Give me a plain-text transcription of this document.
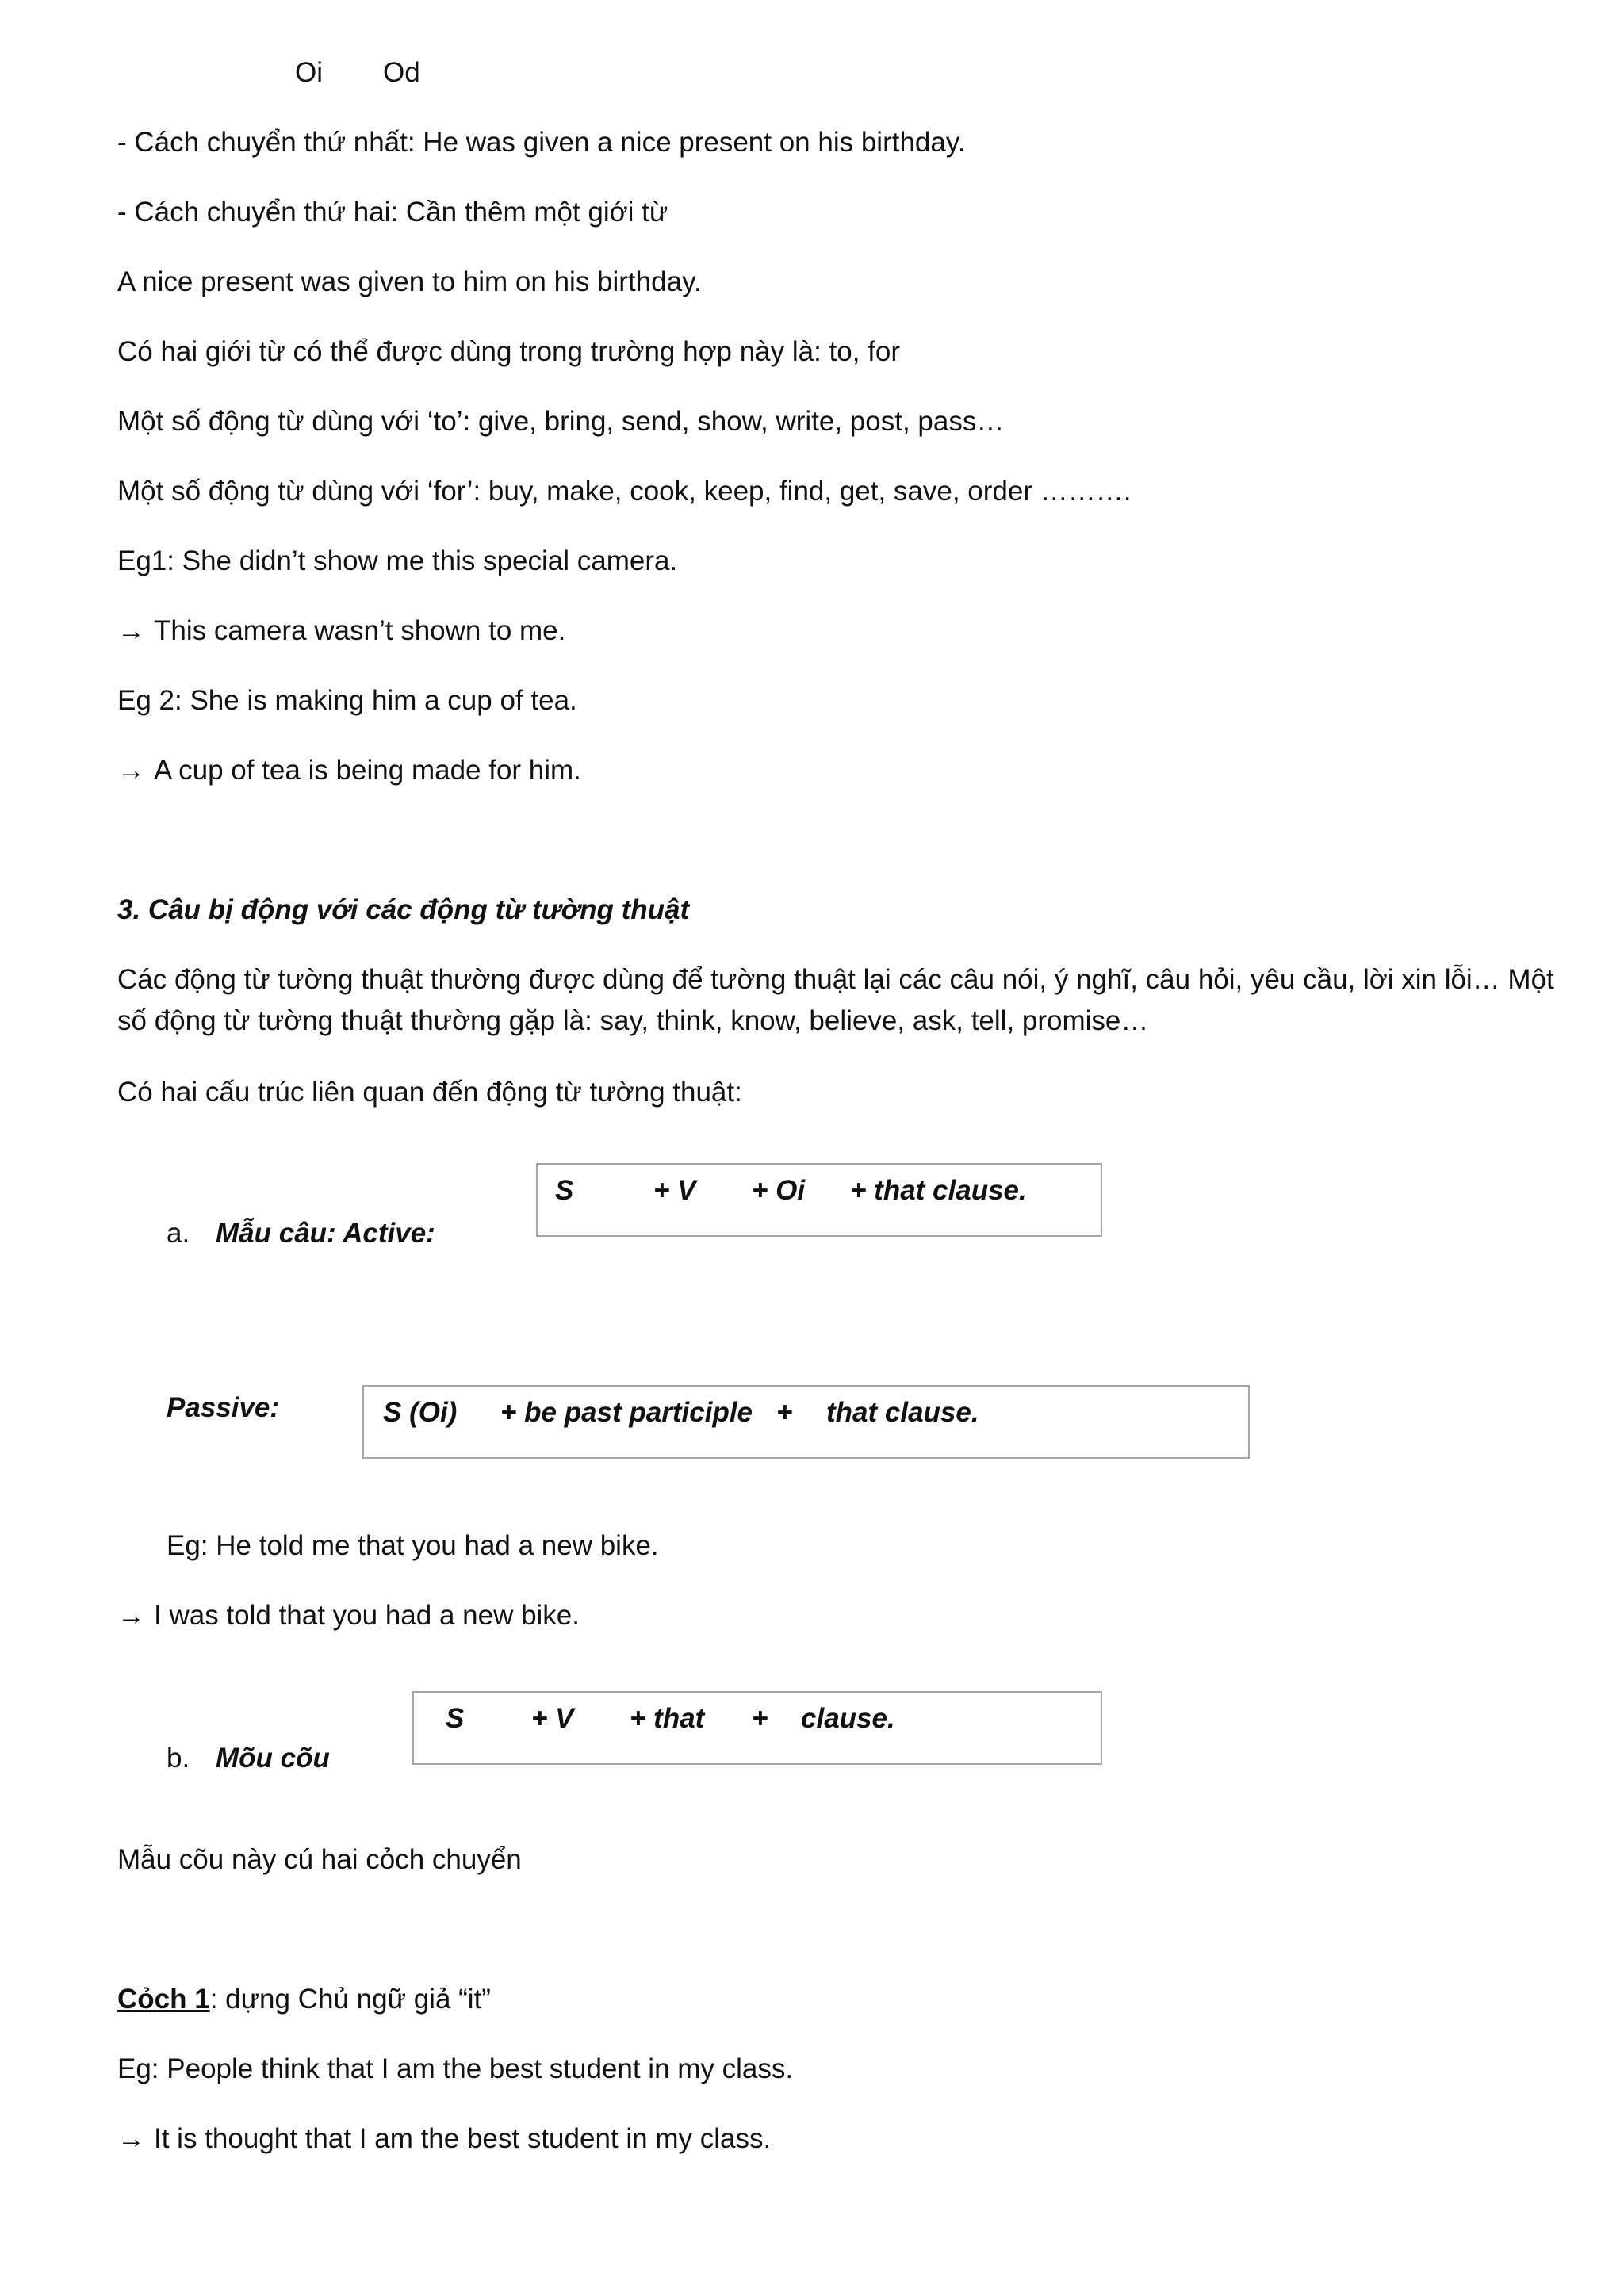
Oi Od
- Cách chuyển thứ nhất: He was given a nice present on his birthday.
- Cách chuyển thứ hai: Cần thêm một giới từ
A nice present was given to him on his birthday.
Có hai giới từ có thể được dùng trong trường hợp này là: to, for
Một số động từ dùng với ‘to’: give, bring, send, show, write, post, pass…
Một số động từ dùng với ‘for’: buy, make, cook, keep, find, get, save, order ……….
Eg1: She didn’t show me this special camera.
→ This camera wasn’t shown to me.
Eg 2: She is making him a cup of tea.
→ A cup of tea is being made for him.
3. Câu bị động với các động từ tường thuật
Các động từ tường thuật thường được dùng để tường thuật lại các câu nói, ý nghĩ, câu hỏi, yêu cầu, lời xin lỗi… Một số động từ tường thuật thường gặp là: say, think, know, believe, ask, tell, promise…
Có hai cấu trúc liên quan đến động từ tường thuật:
a. Mẫu câu: Active:
S	+ V + Oi + that clause.
Passive:	S (Oi) + be past participle + that clause.
Eg: He told me that you had a new bike.
→ I was told that you had a new bike.
b. Mõu cõu
S + V + that + clause.
Mẫu cõu này cú hai cỏch chuyển
Cỏch 1: dựng Chủ ngữ giả “it”
Eg: People think that I am the best student in my class.
→ It is thought that I am the best student in my class.
